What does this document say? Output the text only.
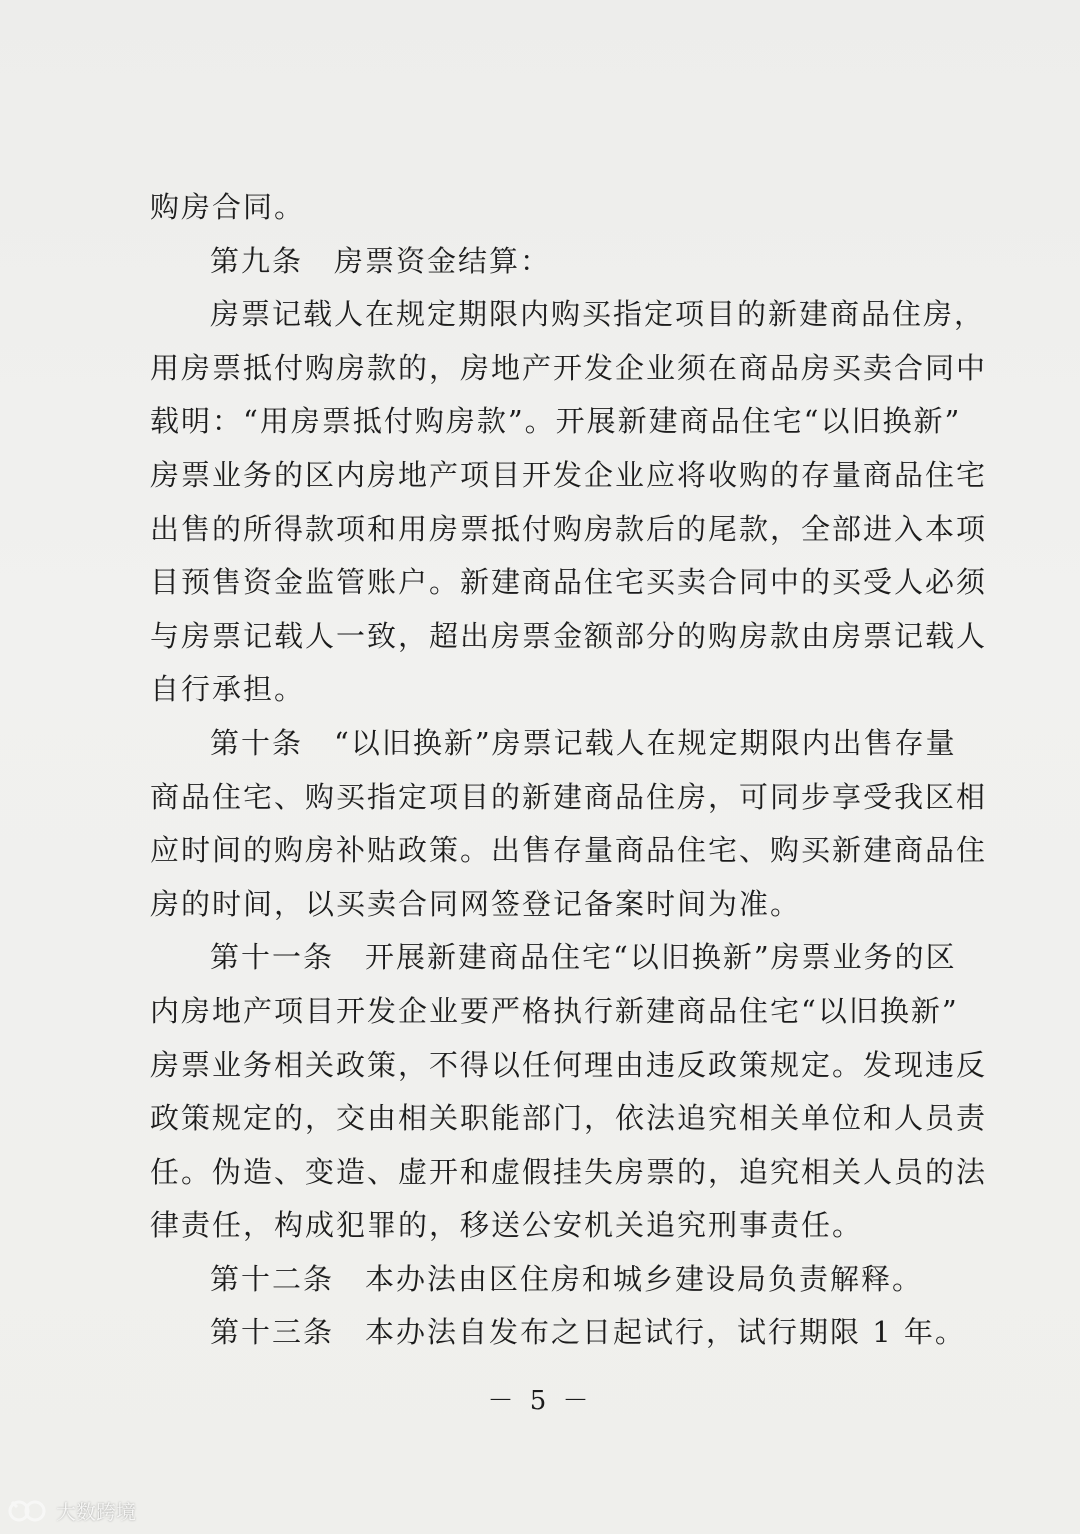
购房合同。
第九条　房票资金结算：
房票记载人在规定期限内购买指定项目的新建商品住房，
用房票抵付购房款的，房地产开发企业须在商品房买卖合同中
载明：“用房票抵付购房款”。开展新建商品住宅“以旧换新”
房票业务的区内房地产项目开发企业应将收购的存量商品住宅
出售的所得款项和用房票抵付购房款后的尾款，全部进入本项
目预售资金监管账户。新建商品住宅买卖合同中的买受人必须
与房票记载人一致，超出房票金额部分的购房款由房票记载人
自行承担。
第十条　“以旧换新”房票记载人在规定期限内出售存量
商品住宅、购买指定项目的新建商品住房，可同步享受我区相
应时间的购房补贴政策。出售存量商品住宅、购买新建商品住
房的时间，以买卖合同网签登记备案时间为准。
第十一条　开展新建商品住宅“以旧换新”房票业务的区
内房地产项目开发企业要严格执行新建商品住宅“以旧换新”
房票业务相关政策，不得以任何理由违反政策规定。发现违反
政策规定的，交由相关职能部门，依法追究相关单位和人员责
任。伪造、变造、虚开和虚假挂失房票的，追究相关人员的法
律责任，构成犯罪的，移送公安机关追究刑事责任。
第十二条　本办法由区住房和城乡建设局负责解释。
第十三条　本办法自发布之日起试行，试行期限 1 年。
－ 5 －
大数跨境
